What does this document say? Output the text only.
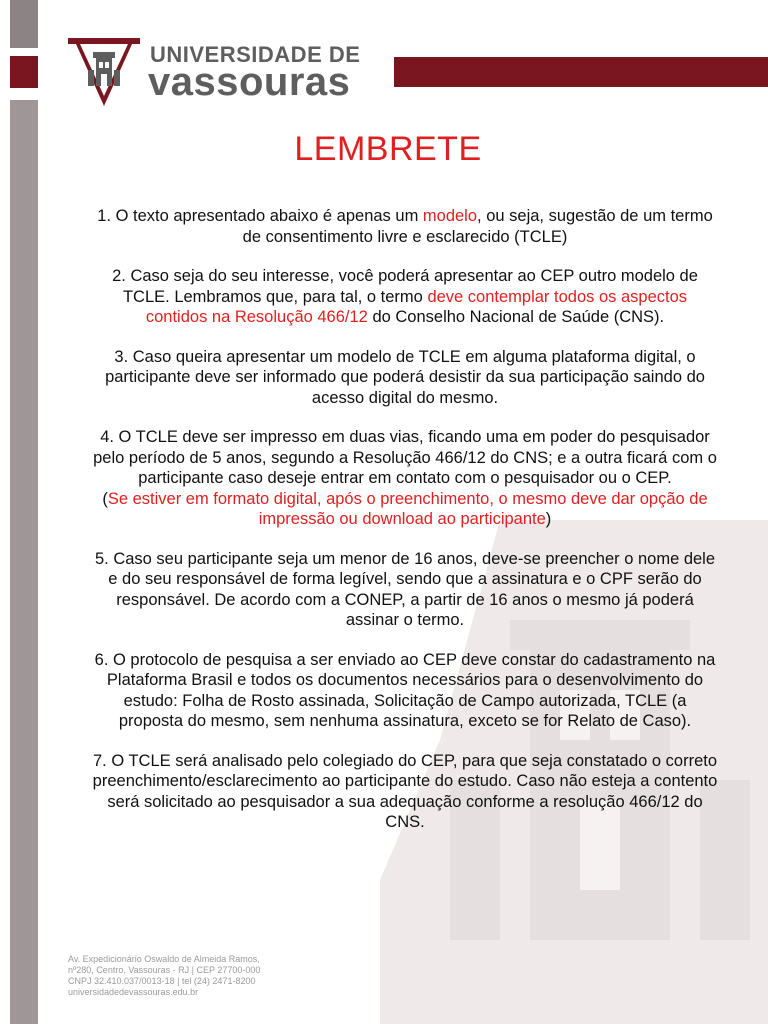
UNIVERSIDADE DE
vassouras
LEMBRETE
1. O texto apresentado abaixo é apenas um modelo, ou seja, sugestão de um termo de consentimento livre e esclarecido (TCLE)
2. Caso seja do seu interesse, você poderá apresentar ao CEP outro modelo de TCLE. Lembramos que, para tal, o termo deve contemplar todos os aspectos contidos na Resolução 466/12 do Conselho Nacional de Saúde (CNS).
3. Caso queira apresentar um modelo de TCLE em alguma plataforma digital, o participante deve ser informado que poderá desistir da sua participação saindo do acesso digital do mesmo.
4. O TCLE deve ser impresso em duas vias, ficando uma em poder do pesquisador pelo período de 5 anos, segundo a Resolução 466/12 do CNS; e a outra ficará com o participante caso deseje entrar em contato com o pesquisador ou o CEP.
(Se estiver em formato digital, após o preenchimento, o mesmo deve dar opção de impressão ou download ao participante)
5. Caso seu participante seja um menor de 16 anos, deve-se preencher o nome dele e do seu responsável de forma legível, sendo que a assinatura e o CPF serão do responsável. De acordo com a CONEP, a partir de 16 anos o mesmo já poderá assinar o termo.
6. O protocolo de pesquisa a ser enviado ao CEP deve constar do cadastramento na Plataforma Brasil e todos os documentos necessários para o desenvolvimento do estudo: Folha de Rosto assinada, Solicitação de Campo autorizada, TCLE (a proposta do mesmo, sem nenhuma assinatura, exceto se for Relato de Caso).
7. O TCLE será analisado pelo colegiado do CEP, para que seja constatado o correto preenchimento/esclarecimento ao participante do estudo. Caso não esteja a contento será solicitado ao pesquisador a sua adequação conforme a resolução 466/12 do CNS.
Av. Expedicionário Oswaldo de Almeida Ramos,
nº280, Centro, Vassouras - RJ | CEP 27700-000
CNPJ 32.410.037/0013-18 | tel (24) 2471-8200
universidadedevassouras.edu.br
